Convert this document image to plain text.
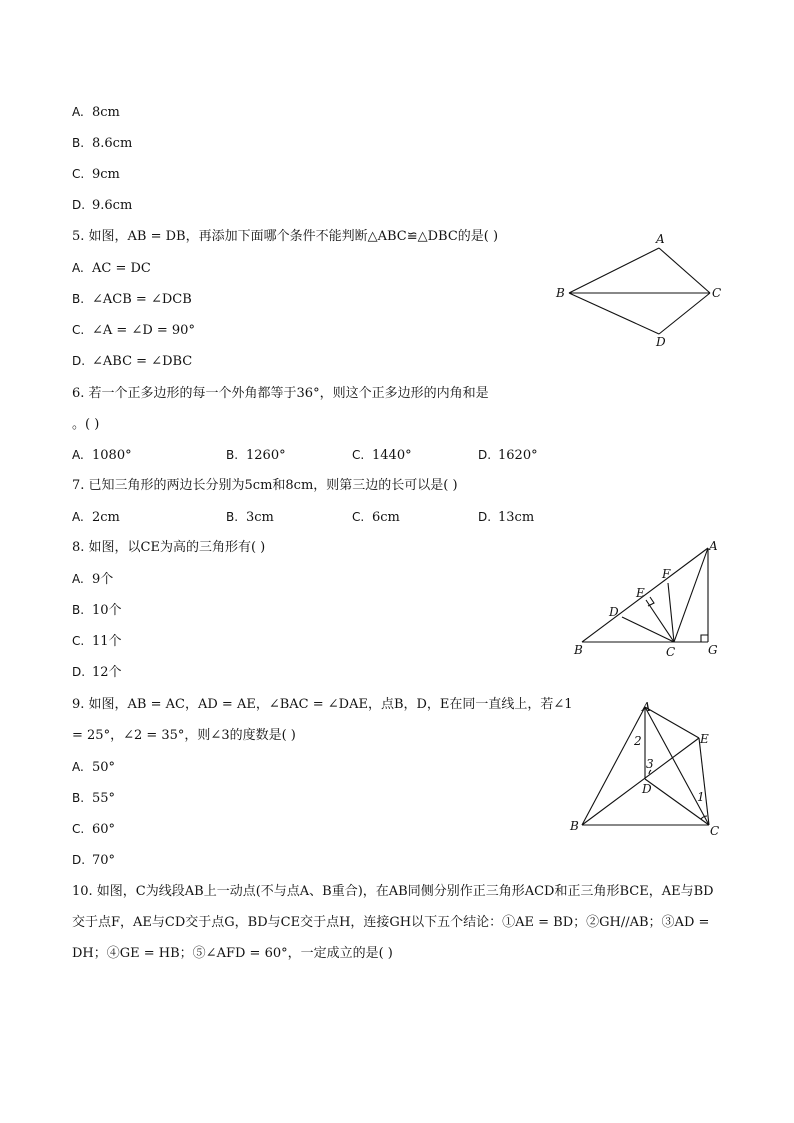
A. 8cm
B. 8.6cm
C. 9cm
D. 9.6cm
5. 如图，AB = DB，再添加下面哪个条件不能判断△ABC≌△DBC的是( )
A. AC = DC
B. ∠ACB = ∠DCB
C. ∠A = ∠D = 90°
D. ∠ABC = ∠DBC
A
B	C
D
6. 若一个正多边形的每一个外角都等于36°，则这个正多边形的内角和是
。( )
A. 1080°	B. 1260°	C. 1440°	D. 1620°
7. 已知三角形的两边长分别为5cm和8cm，则第三边的长可以是( )
A. 2cm	B. 3cm	C. 6cm	D. 13cm
8. 如图，以CE为高的三角形有( )
A. 9个
B. 10个
C. 11个
D. 12个
A
B	C
D
E
F
G
9. 如图，AB = AC，AD = AE，∠BAC = ∠DAE，点B，D，E在同一直线上，若∠1
= 25°，∠2 = 35°，则∠3的度数是( )
A. 50°
B. 55°
C. 60°
D. 70°
A
B	C
D
E
1
2
3
10. 如图，C为线段AB上一动点(不与点A、B重合)，在AB同侧分别作正三角形ACD和正三角形BCE，AE与BD交于点F，AE与CD交于点G，BD与CE交于点H，连接GH以下五个结论：①AE = BD；②GH//AB；③AD = DH；④GE = HB；⑤∠AFD = 60°，一定成立的是( )
